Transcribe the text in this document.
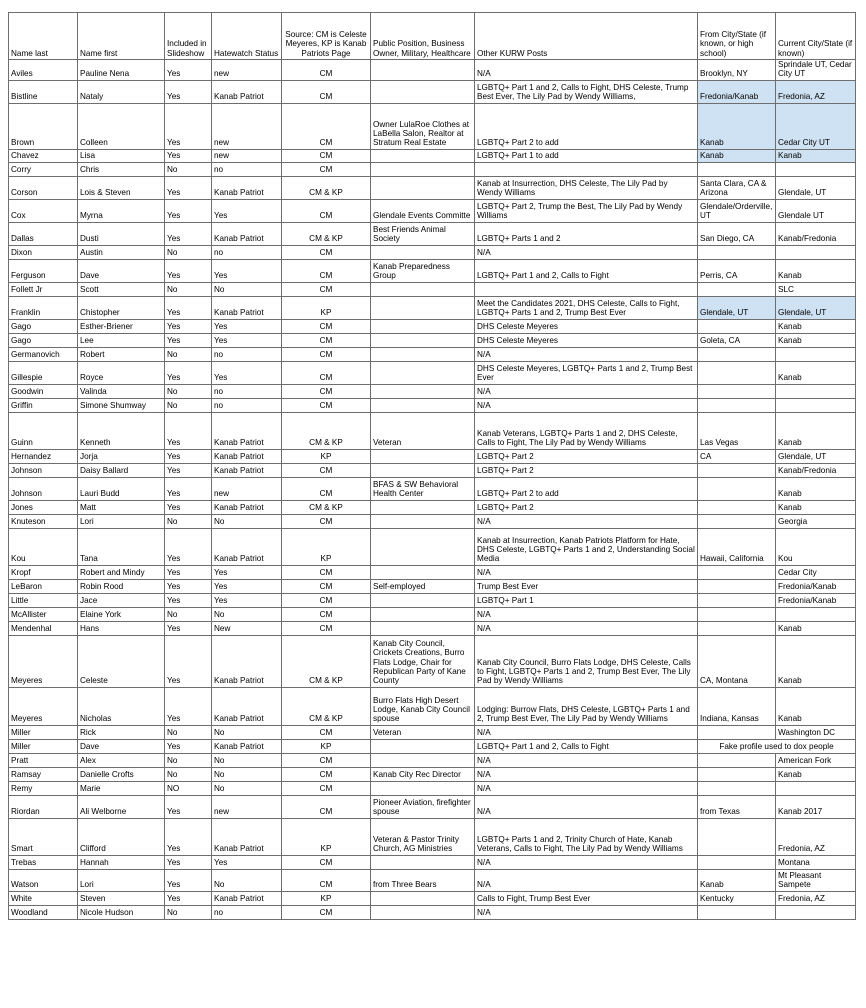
Name last	Name first	Included in Slideshow	Hatewatch Status	Source: CM is Celeste Meyeres, KP is Kanab Patriots Page	Public Position, Business Owner, Military, Healthcare	Other KURW Posts	From City/State (if known, or high school)	Current City/State (if known)
Aviles	Pauline Nena	Yes	new	CM		N/A	Brooklyn, NY	Sprindale UT, Cedar City UT
Bistline	Nataly	Yes	Kanab Patriot	CM		LGBTQ+ Part 1 and 2, Calls to Fight, DHS Celeste, Trump Best Ever, The Lily Pad by Wendy Williams,	Fredonia/Kanab	Fredonia, AZ
Brown	Colleen	Yes	new	CM	Owner LulaRoe Clothes at LaBella Salon, Realtor at Stratum Real Estate	LGBTQ+ Part 2 to add	Kanab	Cedar City UT
Chavez	Lisa	Yes	new	CM		LGBTQ+ Part 1 to add	Kanab	Kanab
Corry	Chris	No	no	CM				
Corson	Lois & Steven	Yes	Kanab Patriot	CM & KP		Kanab at Insurrection, DHS Celeste, The Lily Pad by Wendy Williams	Santa Clara, CA & Arizona	Glendale, UT
Cox	Myrna	Yes	Yes	CM	Glendale Events Committe	LGBTQ+ Part 2, Trump the Best, The Lily Pad by Wendy Williams	Glendale/Orderville, UT	Glendale UT
Dallas	Dusti	Yes	Kanab Patriot	CM & KP	Best Friends Animal Society	LGBTQ+ Parts 1 and 2	San Diego, CA	Kanab/Fredonia
Dixon	Austin	No	no	CM		N/A		
Ferguson	Dave	Yes	Yes	CM	Kanab Preparedness Group	LGBTQ+ Part 1 and 2, Calls to Fight	Perris, CA	Kanab
Follett Jr	Scott	No	No	CM				SLC
Franklin	Chistopher	Yes	Kanab Patriot	KP		Meet the Candidates 2021, DHS Celeste, Calls to Fight, LGBTQ+ Parts 1 and 2, Trump Best Ever	Glendale, UT	Glendale, UT
Gago	Esther-Briener	Yes	Yes	CM		DHS Celeste Meyeres		Kanab
Gago	Lee	Yes	Yes	CM		DHS Celeste Meyeres	Goleta, CA	Kanab
Germanovich	Robert	No	no	CM		N/A		
Gillespie	Royce	Yes	Yes	CM		DHS Celeste Meyeres, LGBTQ+ Parts 1 and 2, Trump Best Ever		Kanab
Goodwin	Valinda	No	no	CM		N/A		
Griffin	Simone Shumway	No	no	CM		N/A		
Guinn	Kenneth	Yes	Kanab Patriot	CM & KP	Veteran	Kanab Veterans, LGBTQ+ Parts 1 and 2, DHS Celeste, Calls to Fight, The Lily Pad by Wendy Williams	Las Vegas	Kanab
Hernandez	Jorja	Yes	Kanab Patriot	KP		LGBTQ+ Part 2	CA	Glendale, UT
Johnson	Daisy Ballard	Yes	Kanab Patriot	CM		LGBTQ+ Part 2		Kanab/Fredonia
Johnson	Lauri Budd	Yes	new	CM	BFAS & SW Behavioral Health Center	LGBTQ+ Part 2 to add		Kanab
Jones	Matt	Yes	Kanab Patriot	CM & KP		LGBTQ+ Part 2		Kanab
Knuteson	Lori	No	No	CM		N/A		Georgia
Kou	Tana	Yes	Kanab Patriot	KP		Kanab at Insurrection, Kanab Patriots Platform for Hate, DHS Celeste, LGBTQ+ Parts 1 and 2, Understanding Social Media	Hawaii, California	Kou
Kropf	Robert and Mindy	Yes	Yes	CM		N/A		Cedar City
LeBaron	Robin Rood	Yes	Yes	CM	Self-employed	Trump Best Ever		Fredonia/Kanab
Little	Jace	Yes	Yes	CM		LGBTQ+ Part 1		Fredonia/Kanab
McAllister	Elaine York	No	No	CM		N/A		
Mendenhal	Hans	Yes	New	CM		N/A		Kanab
Meyeres	Celeste	Yes	Kanab Patriot	CM & KP	Kanab City Council, Crickets Creations, Burro Flats Lodge, Chair for Republican Party of Kane County	Kanab City Council, Burro Flats Lodge, DHS Celeste, Calls to Fight, LGBTQ+ Parts 1 and 2, Trump Best Ever, The Lily Pad by Wendy Williams	CA, Montana	Kanab
Meyeres	Nicholas	Yes	Kanab Patriot	CM & KP	Burro Flats High Desert Lodge, Kanab City Council spouse	Lodging: Burrow Flats, DHS Celeste, LGBTQ+ Parts 1 and 2, Trump Best Ever, The Lily Pad by Wendy Williams	Indiana, Kansas	Kanab
Miller	Rick	No	No	CM	Veteran	N/A		Washington DC
Miller	Dave	Yes	Kanab Patriot	KP		LGBTQ+ Part 1 and 2, Calls to Fight	Fake profile used to dox people	
Pratt	Alex	No	No	CM		N/A		American Fork
Ramsay	Danielle Crofts	No	No	CM	Kanab City Rec Director	N/A		Kanab
Remy	Marie	NO	No	CM		N/A		
Riordan	Ali Welborne	Yes	new	CM	Pioneer Aviation, firefighter spouse	N/A	from Texas	Kanab 2017
Smart	Clifford	Yes	Kanab Patriot	KP	Veteran & Pastor Trinity Church, AG Ministries	LGBTQ+ Parts 1 and 2, Trinity Church of Hate, Kanab Veterans, Calls to Fight, The Lily Pad by Wendy Williams		Fredonia, AZ
Trebas	Hannah	Yes	Yes	CM		N/A		Montana
Watson	Lori	Yes	No	CM	from Three Bears	N/A	Kanab	Mt Pleasant Sampete
White	Steven	Yes	Kanab Patriot	KP		Calls to Fight, Trump Best Ever	Kentucky	Fredonia, AZ
Woodland	Nicole Hudson	No	no	CM		N/A		
